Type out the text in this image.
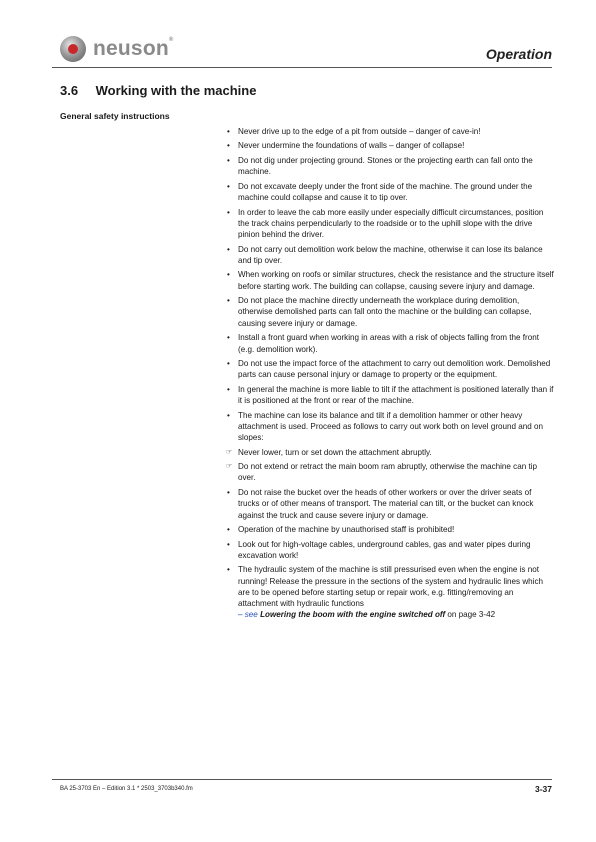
neuson®
Operation
3.6 Working with the machine
General safety instructions
• Never drive up to the edge of a pit from outside – danger of cave-in!
• Never undermine the foundations of walls – danger of collapse!
• Do not dig under projecting ground. Stones or the projecting earth can fall onto the machine.
• Do not excavate deeply under the front side of the machine. The ground under the machine could collapse and cause it to tip over.
• In order to leave the cab more easily under especially difficult circumstances, position the track chains perpendicularly to the roadside or to the uphill slope with the drive pinion behind the driver.
• Do not carry out demolition work below the machine, otherwise it can lose its balance and tip over.
• When working on roofs or similar structures, check the resistance and the structure itself before starting work. The building can collapse, causing severe injury and damage.
• Do not place the machine directly underneath the workplace during demolition, otherwise demolished parts can fall onto the machine or the building can collapse, causing severe injury or damage.
• Install a front guard when working in areas with a risk of objects falling from the front (e.g. demolition work).
• Do not use the impact force of the attachment to carry out demolition work. Demolished parts can cause personal injury or damage to property or the equipment.
• In general the machine is more liable to tilt if the attachment is positioned laterally than if it is positioned at the front or rear of the machine.
• The machine can lose its balance and tilt if a demolition hammer or other heavy attachment is used. Proceed as follows to carry out work both on level ground and on slopes:
☞ Never lower, turn or set down the attachment abruptly.
☞ Do not extend or retract the main boom ram abruptly, otherwise the machine can tip over.
• Do not raise the bucket over the heads of other workers or over the driver seats of trucks or of other means of transport. The material can tilt, or the bucket can knock against the truck and cause severe injury or damage.
• Operation of the machine by unauthorised staff is prohibited!
• Look out for high-voltage cables, underground cables, gas and water pipes during excavation work!
• The hydraulic system of the machine is still pressurised even when the engine is not running! Release the pressure in the sections of the system and hydraulic lines which are to be opened before starting setup or repair work, e.g. fitting/removing an attachment with hydraulic functions
– see Lowering the boom with the engine switched off on page 3-42
BA 25-3703 En – Edition 3.1 * 2503_3703b340.fm	3-37
